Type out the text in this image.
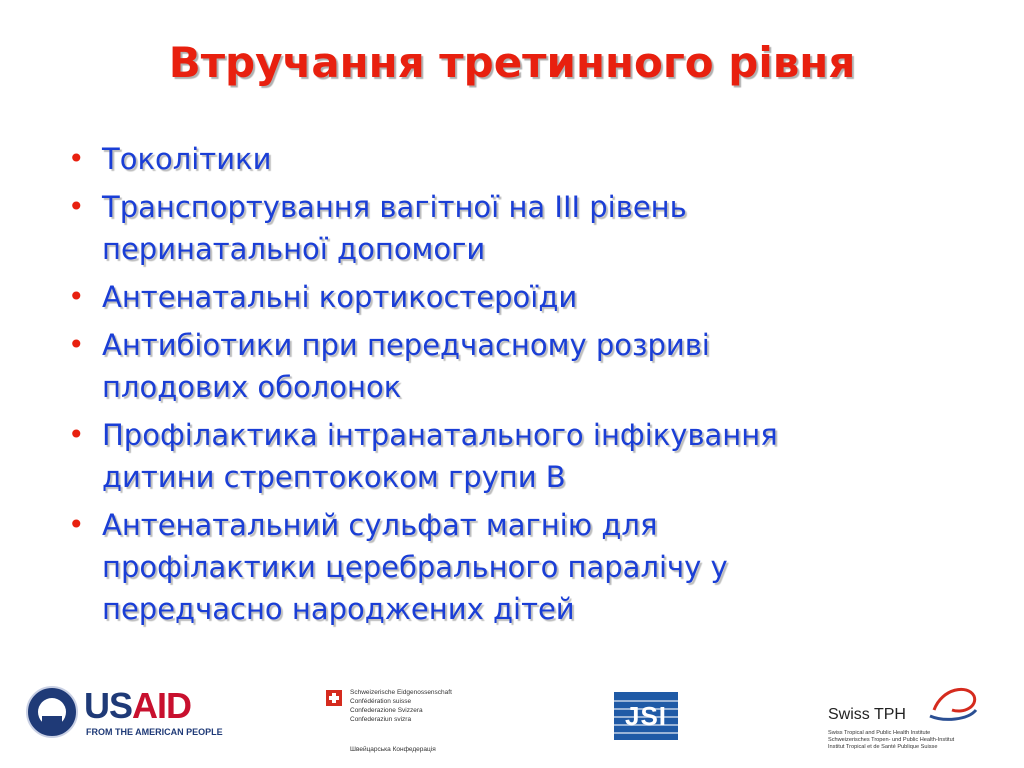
Втручання третинного рівня
• Токолітики
• Транспортування вагітної на ІІІ рівень
перинатальної допомоги
• Антенатальні кортикостероїди
• Антибіотики при передчасному розриві
плодових оболонок
• Профілактика інтранатального інфікування
дитини стрептококом групи В
• Антенатальний сульфат магнію для
профілактики церебрального паралічу у
передчасно народжених дітей
USAID
FROM THE AMERICAN PEOPLE
Schweizerische Eidgenossenschaft
Confédération suisse
Confederazione Svizzera
Confederaziun svizra
Швейцарська Конфедерація
JSI	Swiss TPH
Swiss Tropical and Public Health Institute
Schweizerisches Tropen- und Public Health-Institut
Institut Tropical et de Santé Publique Suisse
